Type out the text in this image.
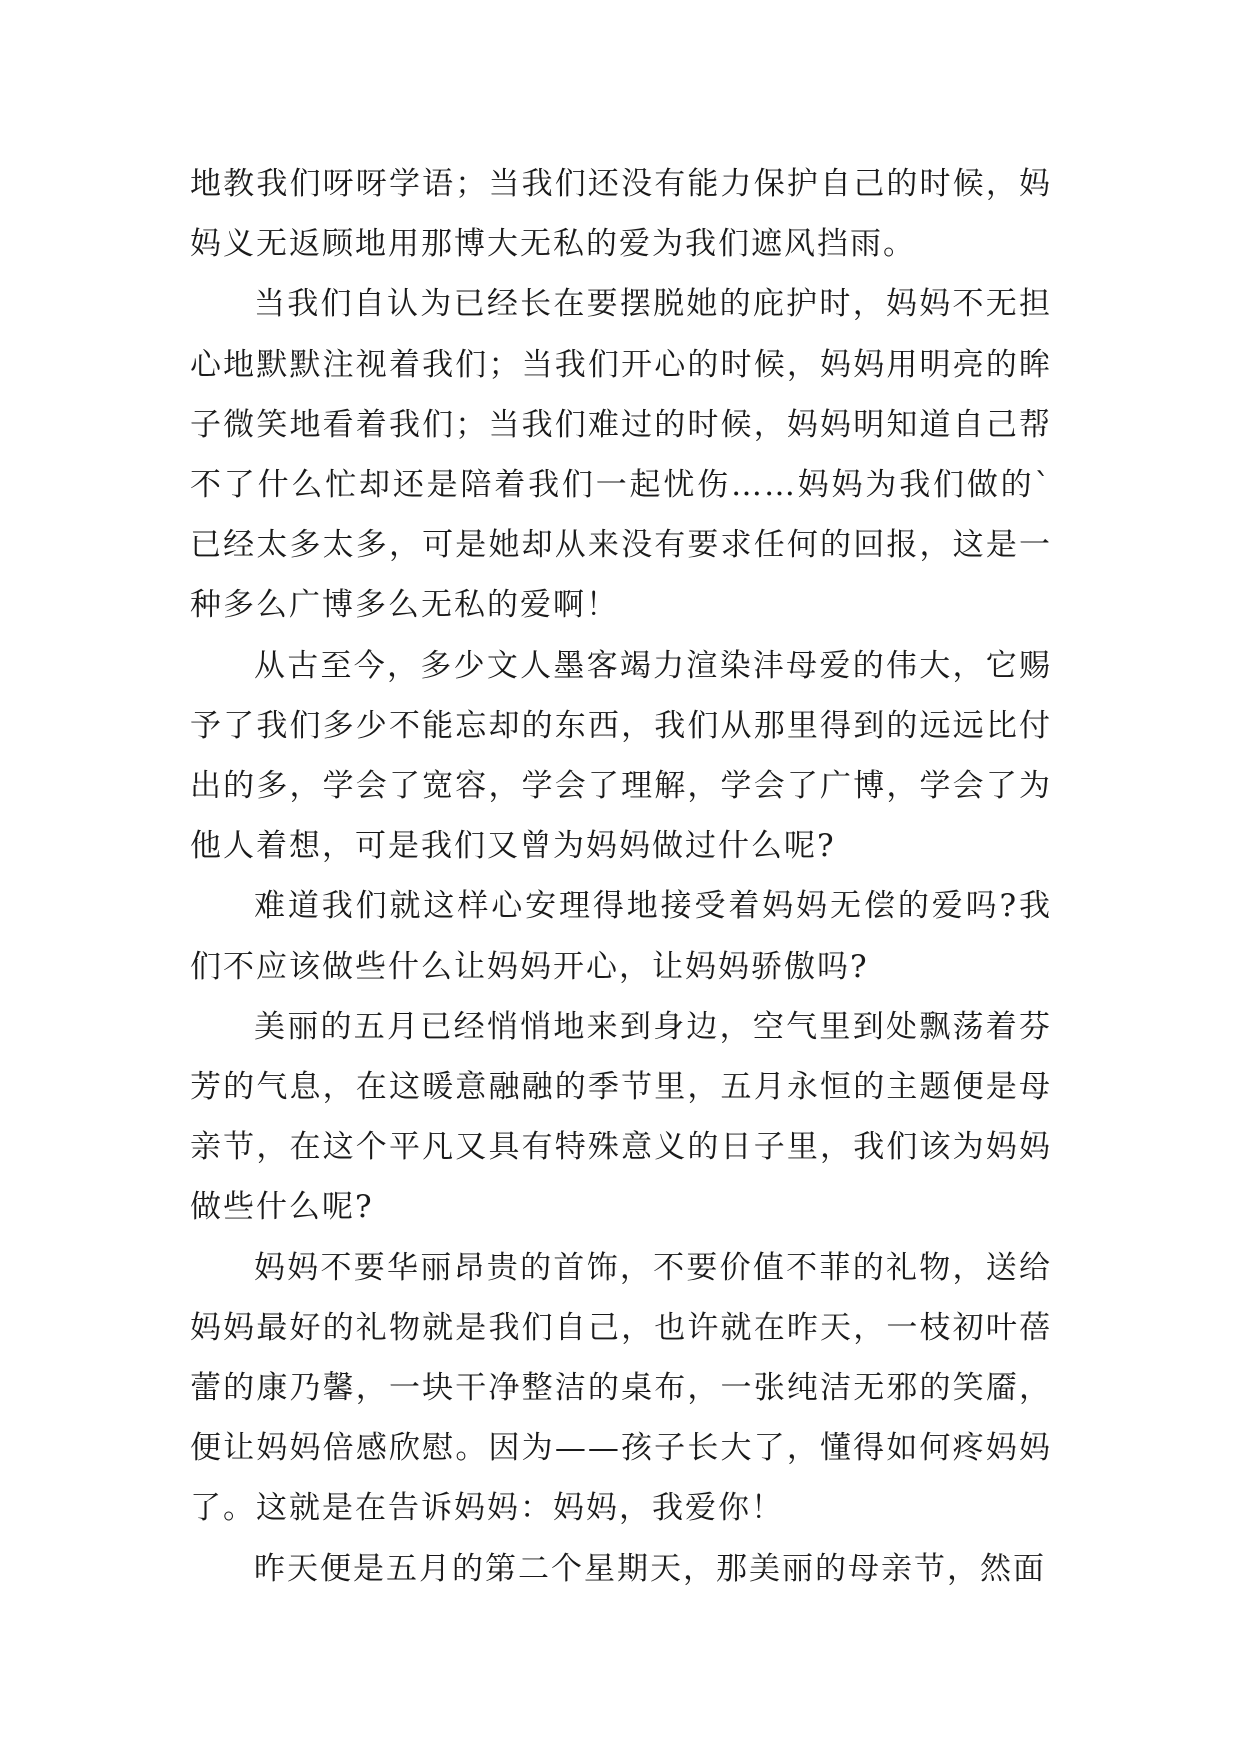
地教我们呀呀学语；当我们还没有能力保护自己的时候，妈妈义无返顾地用那博大无私的爱为我们遮风挡雨。

当我们自认为已经长在要摆脱她的庇护时，妈妈不无担心地默默注视着我们；当我们开心的时候，妈妈用明亮的眸子微笑地看着我们；当我们难过的时候，妈妈明知道自己帮不了什么忙却还是陪着我们一起忧伤……妈妈为我们做的`已经太多太多，可是她却从来没有要求任何的回报，这是一种多么广博多么无私的爱啊！

从古至今，多少文人墨客竭力渲染沣母爱的伟大，它赐予了我们多少不能忘却的东西，我们从那里得到的远远比付出的多，学会了宽容，学会了理解，学会了广博，学会了为他人着想，可是我们又曾为妈妈做过什么呢?

难道我们就这样心安理得地接受着妈妈无偿的爱吗?我们不应该做些什么让妈妈开心，让妈妈骄傲吗?

美丽的五月已经悄悄地来到身边，空气里到处飘荡着芬芳的气息，在这暖意融融的季节里，五月永恒的主题便是母亲节，在这个平凡又具有特殊意义的日子里，我们该为妈妈做些什么呢?

妈妈不要华丽昂贵的首饰，不要价值不菲的礼物，送给妈妈最好的礼物就是我们自己，也许就在昨天，一枝初叶蓓蕾的康乃馨，一块干净整洁的桌布，一张纯洁无邪的笑靥，便让妈妈倍感欣慰。因为——孩子长大了，懂得如何疼妈妈了。这就是在告诉妈妈：妈妈，我爱你！

昨天便是五月的第二个星期天，那美丽的母亲节，然面
